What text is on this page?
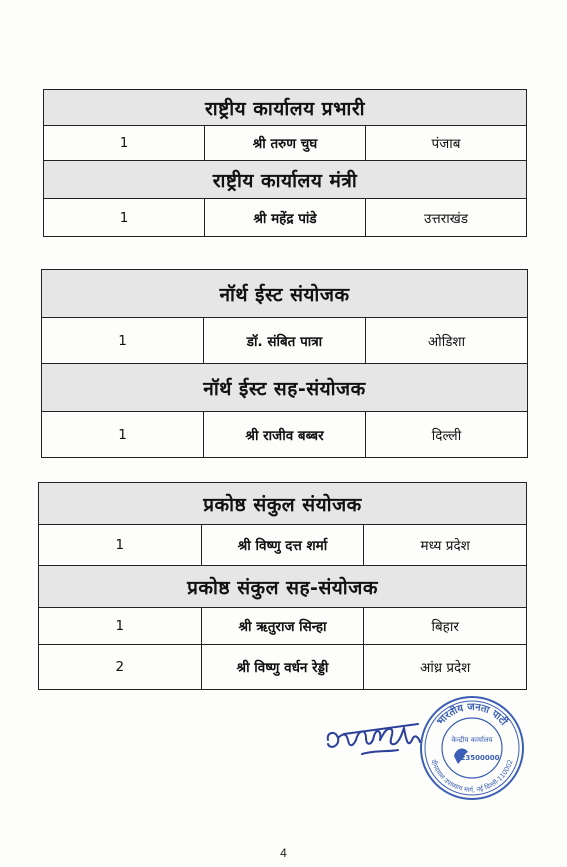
राष्ट्रीय कार्यालय प्रभारी		
1	श्री तरुण चुघ	पंजाब
राष्ट्रीय कार्यालय मंत्री		
1	श्री महेंद्र पांडे	उत्तराखंड
नॉर्थ ईस्ट संयोजक		
1	डॉ. संबित पात्रा	ओडिशा
नॉर्थ ईस्ट सह-संयोजक		
1	श्री राजीव बब्बर	दिल्ली
प्रकोष्ठ संकुल संयोजक		
1	श्री विष्णु दत्त शर्मा	मध्य प्रदेश
प्रकोष्ठ संकुल सह-संयोजक		
1	श्री ऋतुराज सिन्हा	बिहार
2	श्री विष्णु वर्धन रेड्डी	आंध्र प्रदेश
भारतीय जनता पार्टी
दीनदयाल उपाध्याय मार्ग, नई दिल्ली-110002
केन्द्रीय कार्यालय
23500000
4
